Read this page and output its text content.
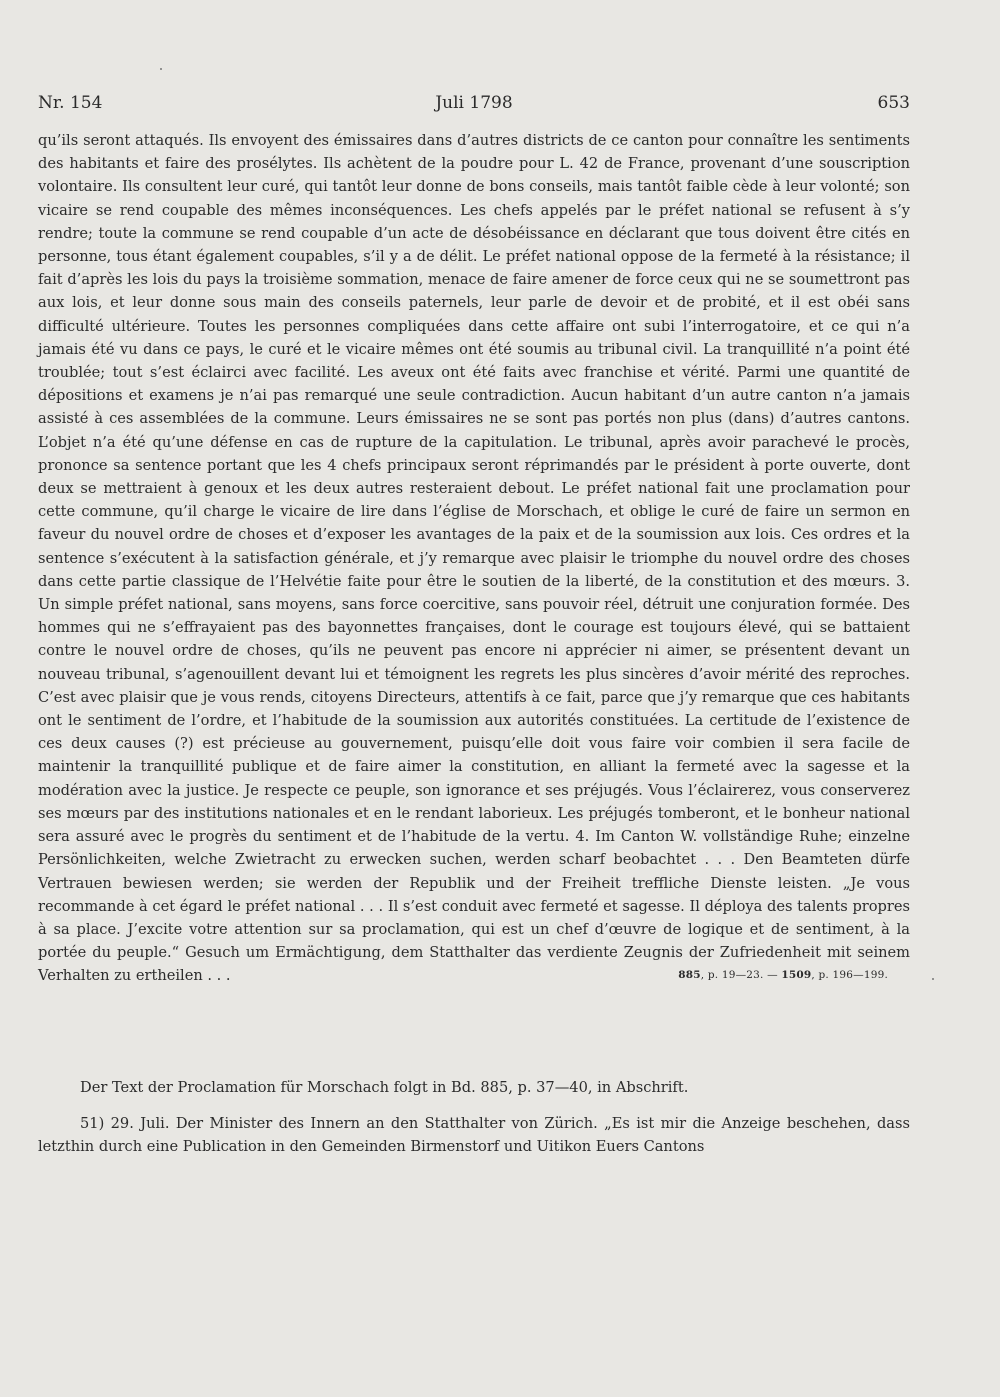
Nr. 154	Juli 1798	653

qu’ils seront attaqués. Ils envoyent des émissaires dans d’autres districts de ce canton pour connaître les sentiments des habitants et faire des prosélytes. Ils achètent de la poudre pour L. 42 de France, provenant d’une souscription volontaire. Ils consultent leur curé, qui tantôt leur donne de bons conseils, mais tantôt faible cède à leur volonté; son vicaire se rend coupable des mêmes inconséquences. Les chefs appelés par le préfet national se refusent à s’y rendre; toute la commune se rend coupable d’un acte de désobéissance en déclarant que tous doivent être cités en personne, tous étant également coupables, s’il y a de délit. Le préfet national oppose de la fermeté à la résistance; il fait d’après les lois du pays la troisième sommation, menace de faire amener de force ceux qui ne se soumettront pas aux lois, et leur donne sous main des conseils paternels, leur parle de devoir et de probité, et il est obéi sans difficulté ultérieure. Toutes les personnes compliquées dans cette affaire ont subi l’interrogatoire, et ce qui n’a jamais été vu dans ce pays, le curé et le vicaire mêmes ont été soumis au tribunal civil. La tranquillité n’a point été troublée; tout s’est éclairci avec facilité. Les aveux ont été faits avec franchise et vérité. Parmi une quantité de dépositions et examens je n’ai pas remarqué une seule contradiction. Aucun habitant d’un autre canton n’a jamais assisté à ces assemblées de la commune. Leurs émissaires ne se sont pas portés non plus (dans) d’autres cantons. L’objet n’a été qu’une défense en cas de rupture de la capitulation. Le tribunal, après avoir parachevé le procès, prononce sa sentence portant que les 4 chefs principaux seront réprimandés par le président à porte ouverte, dont deux se mettraient à genoux et les deux autres resteraient debout. Le préfet national fait une proclamation pour cette commune, qu’il charge le vicaire de lire dans l’église de Morschach, et oblige le curé de faire un sermon en faveur du nouvel ordre de choses et d’exposer les avantages de la paix et de la soumission aux lois. Ces ordres et la sentence s’exécutent à la satisfaction générale, et j’y remarque avec plaisir le triomphe du nouvel ordre des choses dans cette partie classique de l’Helvétie faite pour être le soutien de la liberté, de la constitution et des mœurs. 3. Un simple préfet national, sans moyens, sans force coercitive, sans pouvoir réel, détruit une conjuration formée. Des hommes qui ne s’effrayaient pas des bayonnettes françaises, dont le courage est toujours élevé, qui se battaient contre le nouvel ordre de choses, qu’ils ne peuvent pas encore ni apprécier ni aimer, se présentent devant un nouveau tribunal, s’agenouillent devant lui et témoignent les regrets les plus sincères d’avoir mérité des reproches. C’est avec plaisir que je vous rends, citoyens Directeurs, attentifs à ce fait, parce que j’y remarque que ces habitants ont le sentiment de l’ordre, et l’habitude de la soumission aux autorités constituées. La certitude de l’existence de ces deux causes (?) est précieuse au gouvernement, puisqu’elle doit vous faire voir combien il sera facile de maintenir la tranquillité publique et de faire aimer la constitution, en alliant la fermeté avec la sagesse et la modération avec la justice. Je respecte ce peuple, son ignorance et ses préjugés. Vous l’éclairerez, vous conserverez ses mœurs par des institutions nationales et en le rendant laborieux. Les préjugés tomberont, et le bonheur national sera assuré avec le progrès du sentiment et de l’habitude de la vertu. 4. Im Canton W. vollständige Ruhe; einzelne Persönlichkeiten, welche Zwietracht zu erwecken suchen, werden scharf beobachtet . . . Den Beamteten dürfe Vertrauen bewiesen werden; sie werden der Republik und der Freiheit treffliche Dienste leisten. „Je vous recommande à cet égard le préfet national . . . Il s’est conduit avec fermeté et sagesse. Il déploya des talents propres à sa place. J’excite votre attention sur sa proclamation, qui est un chef d’œuvre de logique et de sentiment, à la portée du peuple.“ Gesuch um Ermächtigung, dem Statthalter das verdiente Zeugnis der Zufriedenheit mit seinem Verhalten zu ertheilen . . .	885, p. 19—23. — 1509, p. 196—199.

Der Text der Proclamation für Morschach folgt in Bd. 885, p. 37—40, in Abschrift.

51) 29. Juli. Der Minister des Innern an den Statthalter von Zürich. „Es ist mir die Anzeige beschehen, dass letzthin durch eine Publication in den Gemeinden Birmenstorf und Uitikon Euers Cantons
